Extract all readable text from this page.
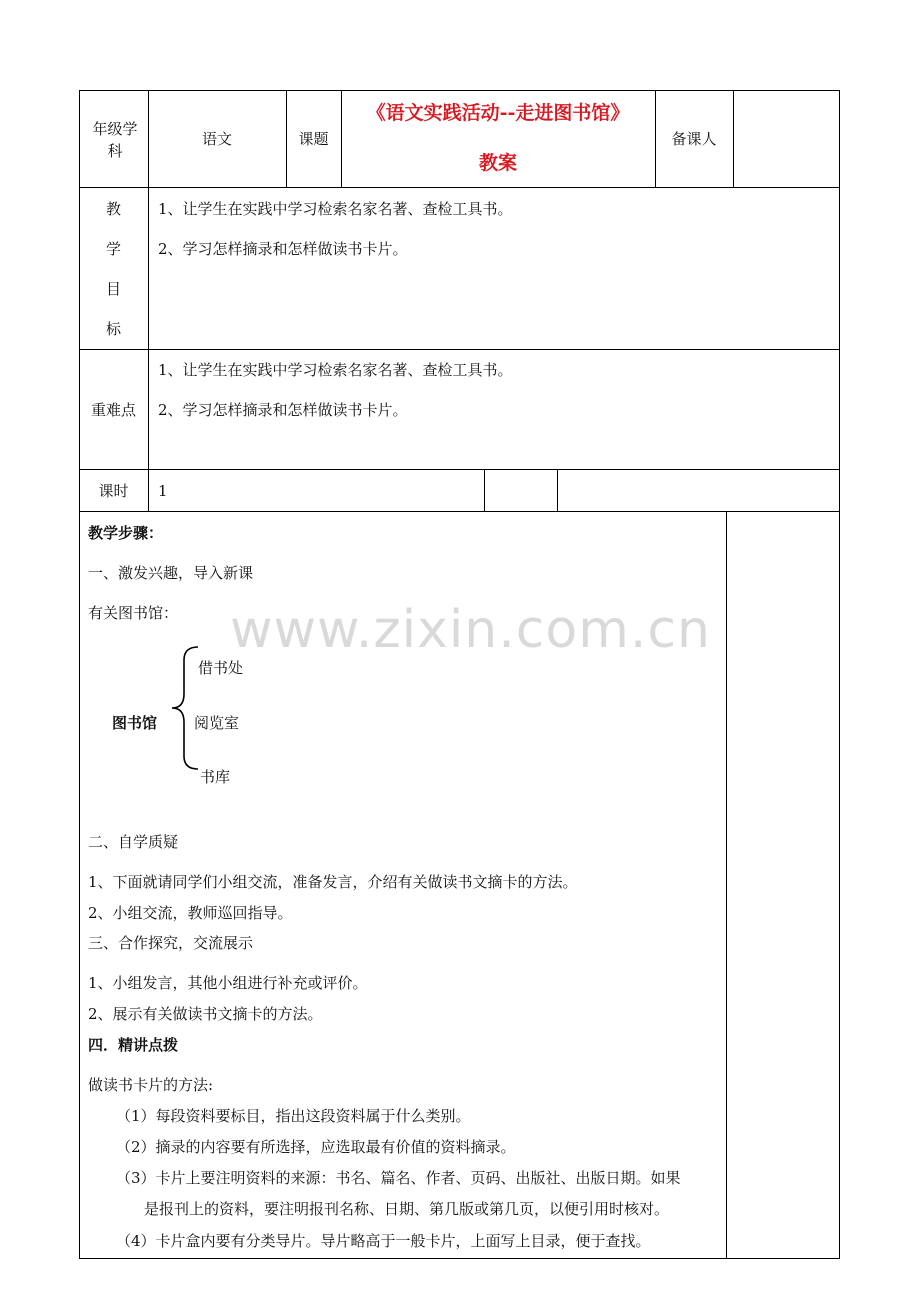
www.zixin.com.cn
年级学科
语文	课题
《语文实践活动--走进图书馆》
教案
备课人
教
学
目
标
1、让学生在实践中学习检索名家名著、查检工具书。
2、学习怎样摘录和怎样做读书卡片。
重难点
1、让学生在实践中学习检索名家名著、查检工具书。
2、学习怎样摘录和怎样做读书卡片。
课时	1
教学步骤：
一、激发兴趣，导入新课
有关图书馆：
图书馆
借书处
阅览室
书库
二、自学质疑
1、下面就请同学们小组交流，准备发言，介绍有关做读书文摘卡的方法。
2、小组交流，教师巡回指导。
三、合作探究，交流展示
1、小组发言，其他小组进行补充或评价。
2、展示有关做读书文摘卡的方法。
四．精讲点拨
做读书卡片的方法:
（1）每段资料要标目，指出这段资料属于什么类别。
（2）摘录的内容要有所选择，应选取最有价值的资料摘录。
（3）卡片上要注明资料的来源：书名、篇名、作者、页码、出版社、出版日期。如果
是报刊上的资料，要注明报刊名称、日期、第几版或第几页，以便引用时核对。
（4）卡片盒内要有分类导片。导片略高于一般卡片，上面写上目录，便于查找。
